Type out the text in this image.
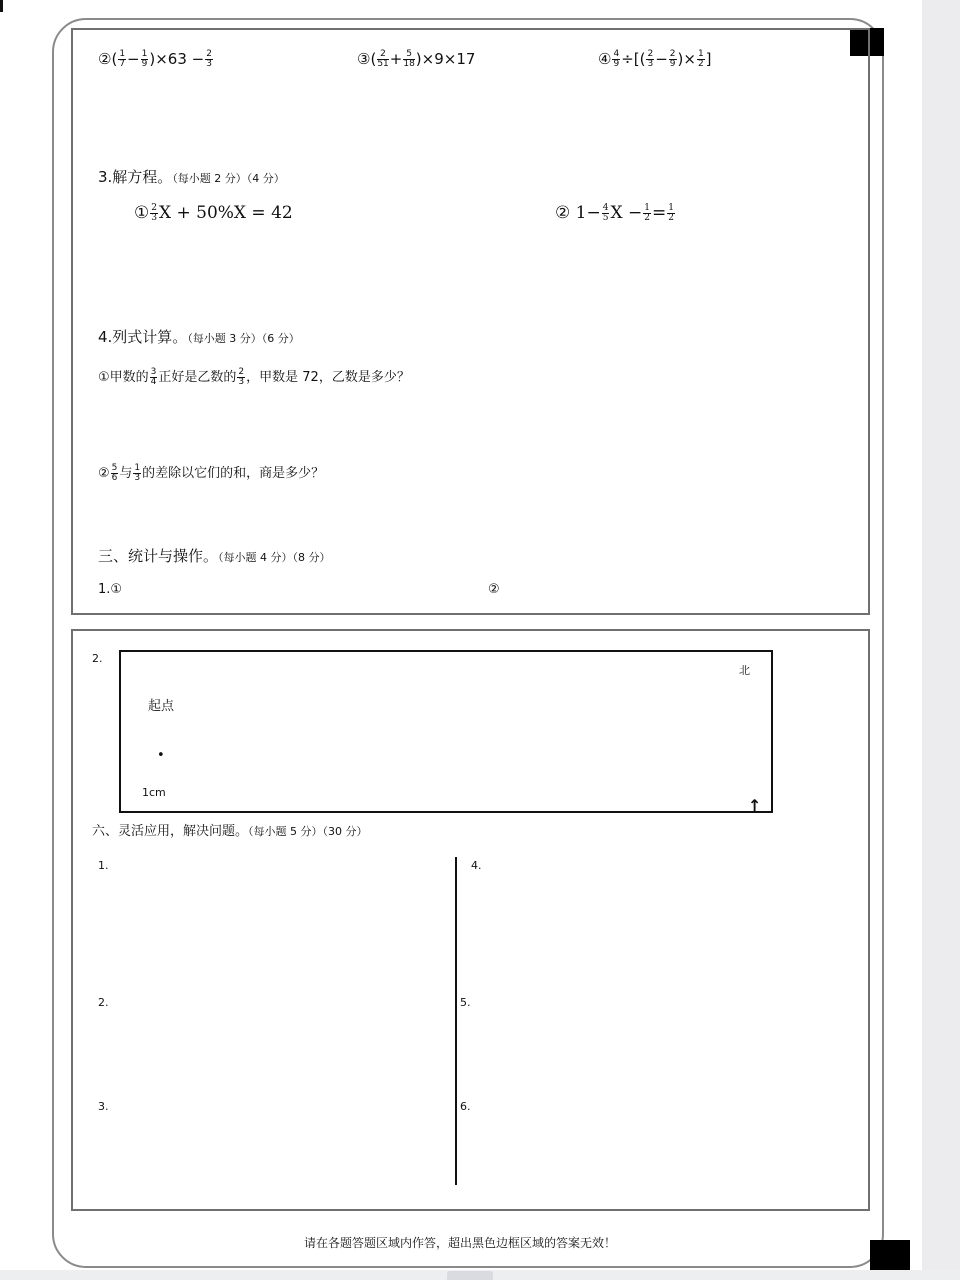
②( $\frac{1}{7} - \frac{1}{9} )\times 63 - \frac{2}{3}$	③( $\frac{2}{51} + \frac{5}{18} )\times 9\times 17$	④ $\frac{4}{9}$ ÷[( $\frac{2}{3} - \frac{2}{9}$ )× $\frac{1}{2}$ ]
3.解方程。（每小题 2 分）（4 分）
① $\frac{2}{3}$ X + 50%X = 42	② $1- \frac{4}{5}$ $X - \frac{1}{2} = \frac{1}{2}$
4.列式计算。（每小题 3 分）（6 分）
①甲数的 $\frac{3}{4}$ 正好是乙数的 $\frac{2}{3}$ ，甲数是 72，乙数是多少？
② $\frac{5}{6}$ 与 $\frac{1}{3}$ 的差除以它们的和，商是多少？
三、统计与操作。（每小题 4 分）（8 分）
1.①	②
2.
起点
•
1cm
北
↑
六、灵活应用，解决问题。（每小题 5 分）（30 分）
1.
2.
3.
4.
5.
6.
请在各题答题区域内作答，超出黑色边框区域的答案无效！
